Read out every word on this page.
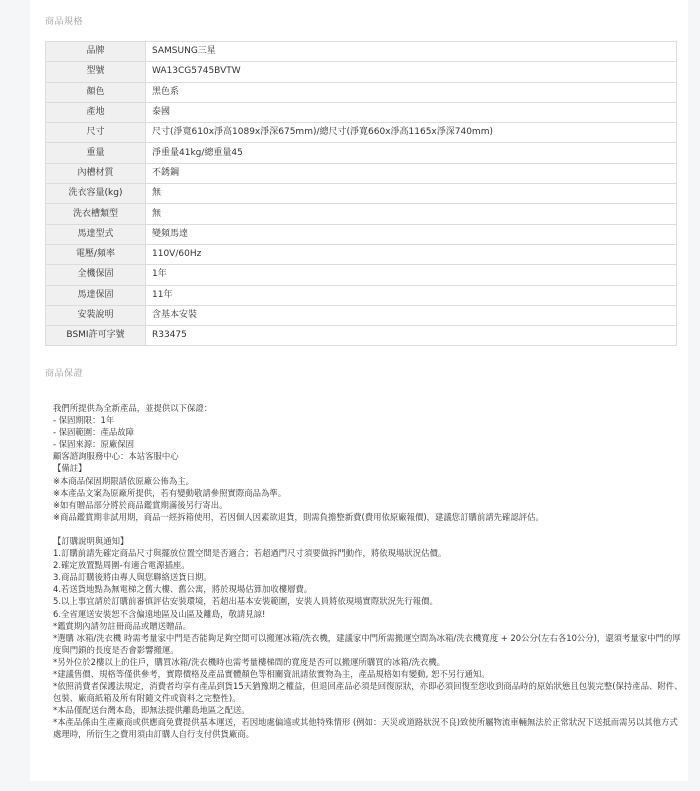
商品規格
品牌	SAMSUNG三星
型號	WA13CG5745BVTW
顏色	黑色系
產地	泰國
尺寸	尺寸(淨寬610x淨高1089x淨深675mm)/總尺寸(淨寬660x淨高1165x淨深740mm)
重量	淨重量41kg/總重量45
內槽材質	不銹鋼
洗衣容量(kg)	無
洗衣槽類型	無
馬達型式	變頻馬達
電壓/頻率	110V/60Hz
全機保固	1年
馬達保固	11年
安裝說明	含基本安裝
BSMI許可字號	R33475
商品保證
我們所提供為全新產品，並提供以下保證：
- 保固期限：1年
- 保固範圍：產品故障
- 保固來源：原廠保固
顧客諮詢服務中心：本站客服中心
【備註】
※本商品保固期限請依原廠公佈為主。
※本產品文案為原廠所提供，若有變動敬請參照實際商品為準。
※如有贈品部分將於商品鑑賞期滿後另行寄出。
※商品鑑賞期非試用期，商品一經拆箱使用，若因個人因素欲退貨，則需負擔整新費(費用依原廠報價)，建議您訂購前請先確認評估。
【訂購說明與通知】
1.訂購前請先確定商品尺寸與擺放位置空間是否適合；若超過門尺寸須要做拆門動作，將依現場狀況估價。
2.確定放置點周圍-有適合電源插座。
3.商品訂購後將由專人與您聯絡送貨日期。
4.若送貨地點為無電梯之舊大樓、舊公寓，將於現場估算加收樓層費。
5.以上事宜請於訂購前審慎評估安裝環境，若超出基本安裝範圍，安裝人員將依現場實際狀況先行報價。
6.全省運送安裝恕不含偏遠地區及山區及離島，敬請見諒!
*鑑賞期內請勿註冊商品或贈送贈品。
*選購 冰箱/洗衣機 時需考量家中門是否能夠足夠空間可以搬運冰箱/洗衣機，建議家中門所需搬運空間為冰箱/洗衣機寬度 + 20公分(左右各10公分)，還須考量家中門的厚度與門鎖的長度是否會影響搬運。
*另外位於2樓以上的住戶，購買冰箱/洗衣機時也需考量樓梯間的寬度是否可以搬運所購買的冰箱/洗衣機。
*建議售價、規格等僅供參考，實際價格及產品實體顏色等相關資訊請依實物為主，產品規格如有變動, 恕不另行通知。
*依照消費者保護法規定，消費者均享有產品到貨15天猶豫期之權益，但退回產品必須是回復原狀，亦即必須回復至您收到商品時的原始狀態且包裝完整(保持產品、附件、包裝、廠商紙箱及所有附隨文件或資料之完整性)。
*本品僅配送台灣本島，即無法提供離島地區之配送。
*本產品係由生產廠商或供應商免費提供基本運送，若因地處偏遠或其他特殊情形 (例如：天災或道路狀況不良)致使所屬物流車輛無法於正常狀況下送抵而需另以其他方式處理時，所衍生之費用須由訂購人自行支付供貨廠商。
